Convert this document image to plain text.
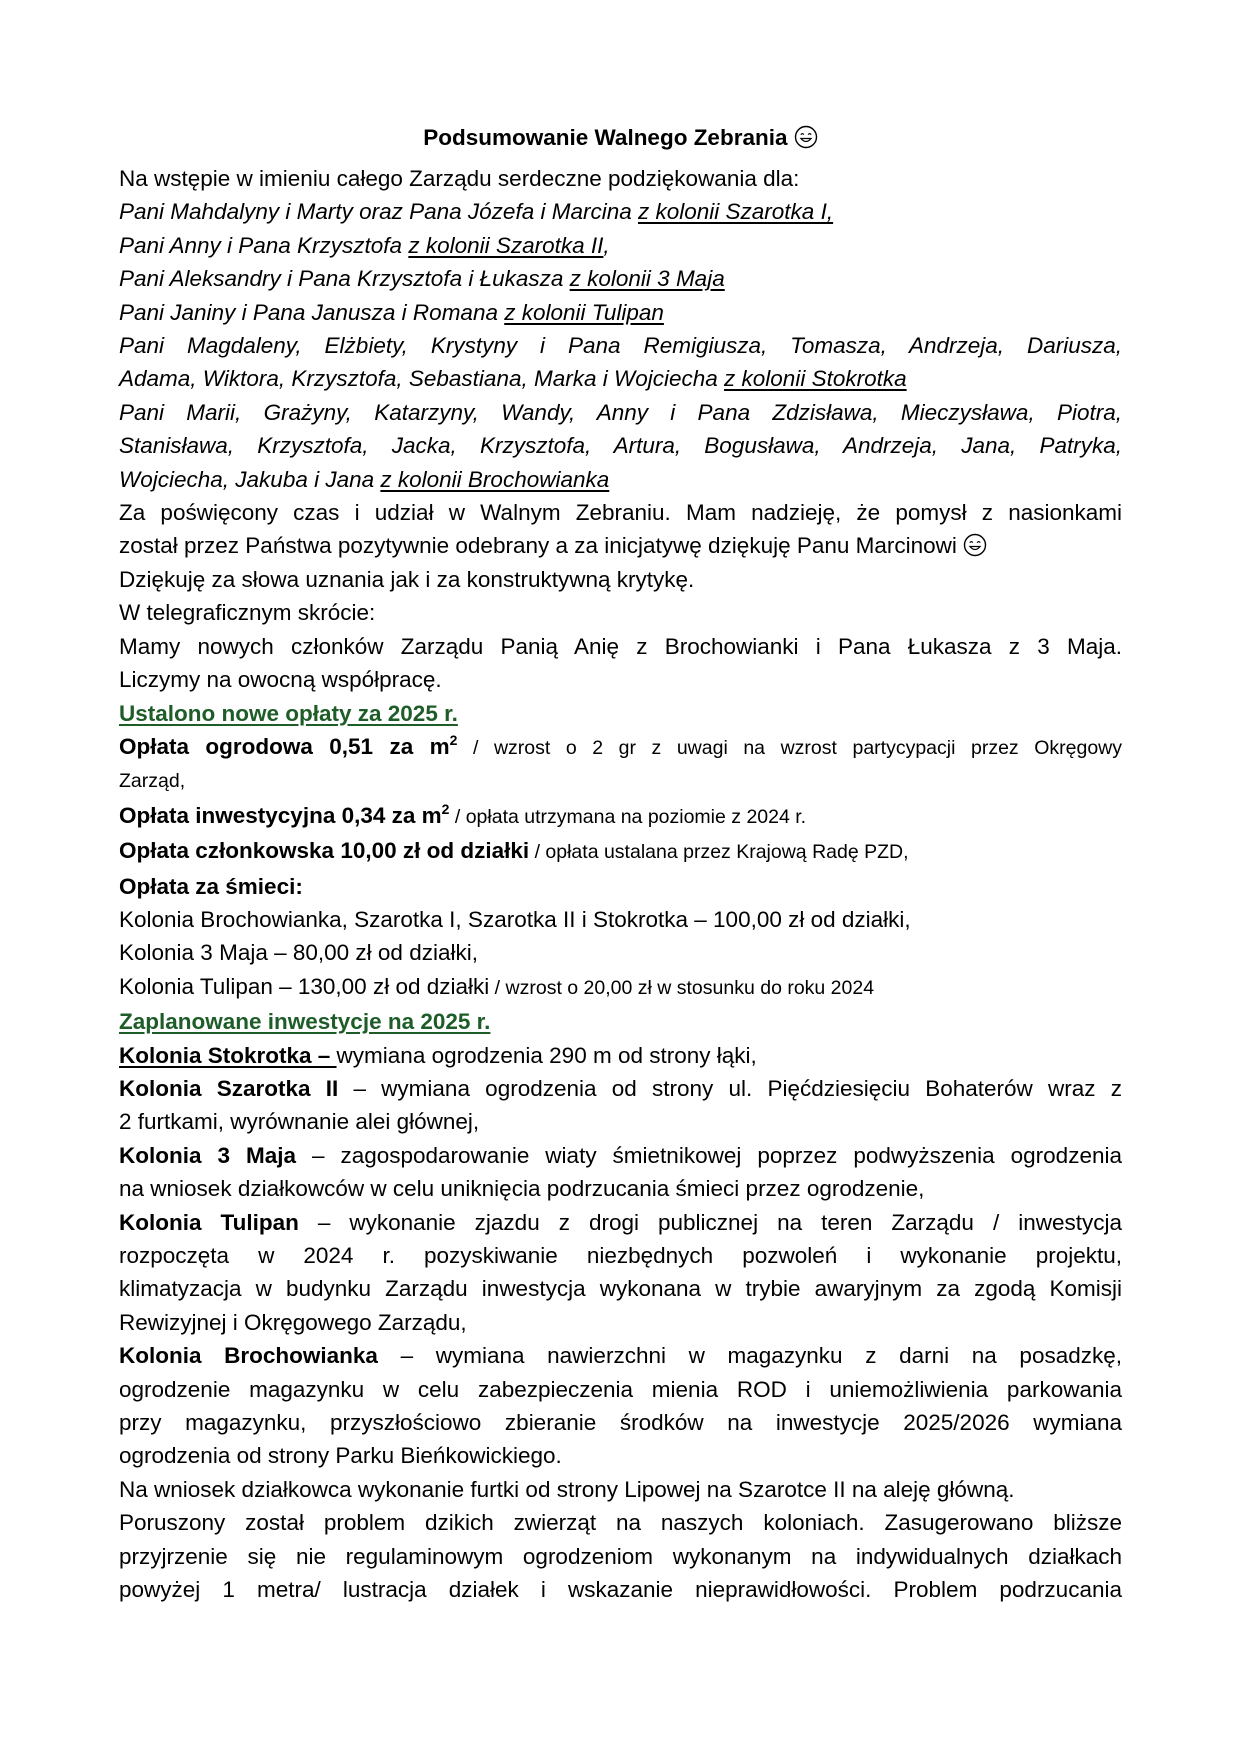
Podsumowanie Walnego Zebrania
Na wstępie w imieniu całego Zarządu serdeczne podziękowania dla:
Pani Mahdalyny i Marty oraz Pana Józefa i Marcina z kolonii Szarotka I,
Pani Anny i Pana Krzysztofa z kolonii Szarotka II,
Pani Aleksandry i Pana Krzysztofa i Łukasza z kolonii 3 Maja
Pani Janiny i Pana Janusza i Romana z kolonii Tulipan
Pani Magdaleny, Elżbiety, Krystyny i Pana Remigiusza, Tomasza, Andrzeja, Dariusza,
Adama, Wiktora, Krzysztofa, Sebastiana, Marka i Wojciecha z kolonii Stokrotka
Pani Marii, Grażyny, Katarzyny, Wandy, Anny i Pana Zdzisława, Mieczysława, Piotra,
Stanisława, Krzysztofa, Jacka, Krzysztofa, Artura, Bogusława, Andrzeja, Jana, Patryka,
Wojciecha, Jakuba i Jana z kolonii Brochowianka
Za poświęcony czas i udział w Walnym Zebraniu. Mam nadzieję, że pomysł z nasionkami
został przez Państwa pozytywnie odebrany a za inicjatywę dziękuję Panu Marcinowi
Dziękuję za słowa uznania jak i za konstruktywną krytykę.
W telegraficznym skrócie:
Mamy nowych członków Zarządu Panią Anię z Brochowianki i Pana Łukasza z 3 Maja.
Liczymy na owocną współpracę.
Ustalono nowe opłaty za 2025 r.
Opłata ogrodowa 0,51 za $m^2$ / wzrost o 2 gr z uwagi na wzrost partycypacji przez Okręgowy
Zarząd,
Opłata inwestycyjna 0,34 za $m^2$ / opłata utrzymana na poziomie z 2024 r.
Opłata członkowska 10,00 zł od działki / opłata ustalana przez Krajową Radę PZD,
Opłata za śmieci:
Kolonia Brochowianka, Szarotka I, Szarotka II i Stokrotka – 100,00 zł od działki,
Kolonia 3 Maja – 80,00 zł od działki,
Kolonia Tulipan – 130,00 zł od działki / wzrost o 20,00 zł w stosunku do roku 2024
Zaplanowane inwestycje na 2025 r.
Kolonia Stokrotka – wymiana ogrodzenia 290 m od strony łąki,
Kolonia Szarotka II – wymiana ogrodzenia od strony ul. Pięćdziesięciu Bohaterów wraz z
2 furtkami, wyrównanie alei głównej,
Kolonia 3 Maja – zagospodarowanie wiaty śmietnikowej poprzez podwyższenia ogrodzenia
na wniosek działkowców w celu uniknięcia podrzucania śmieci przez ogrodzenie,
Kolonia Tulipan – wykonanie zjazdu z drogi publicznej na teren Zarządu / inwestycja
rozpoczęta w 2024 r. pozyskiwanie niezbędnych pozwoleń i wykonanie projektu,
klimatyzacja w budynku Zarządu inwestycja wykonana w trybie awaryjnym za zgodą Komisji
Rewizyjnej i Okręgowego Zarządu,
Kolonia Brochowianka – wymiana nawierzchni w magazynku z darni na posadzkę,
ogrodzenie magazynku w celu zabezpieczenia mienia ROD i uniemożliwienia parkowania
przy magazynku, przyszłościowo zbieranie środków na inwestycje 2025/2026 wymiana
ogrodzenia od strony Parku Bieńkowickiego.
Na wniosek działkowca wykonanie furtki od strony Lipowej na Szarotce II na aleję główną.
Poruszony został problem dzikich zwierząt na naszych koloniach. Zasugerowano bliższe
przyjrzenie się nie regulaminowym ogrodzeniom wykonanym na indywidualnych działkach
powyżej 1 metra/ lustracja działek i wskazanie nieprawidłowości. Problem podrzucania
